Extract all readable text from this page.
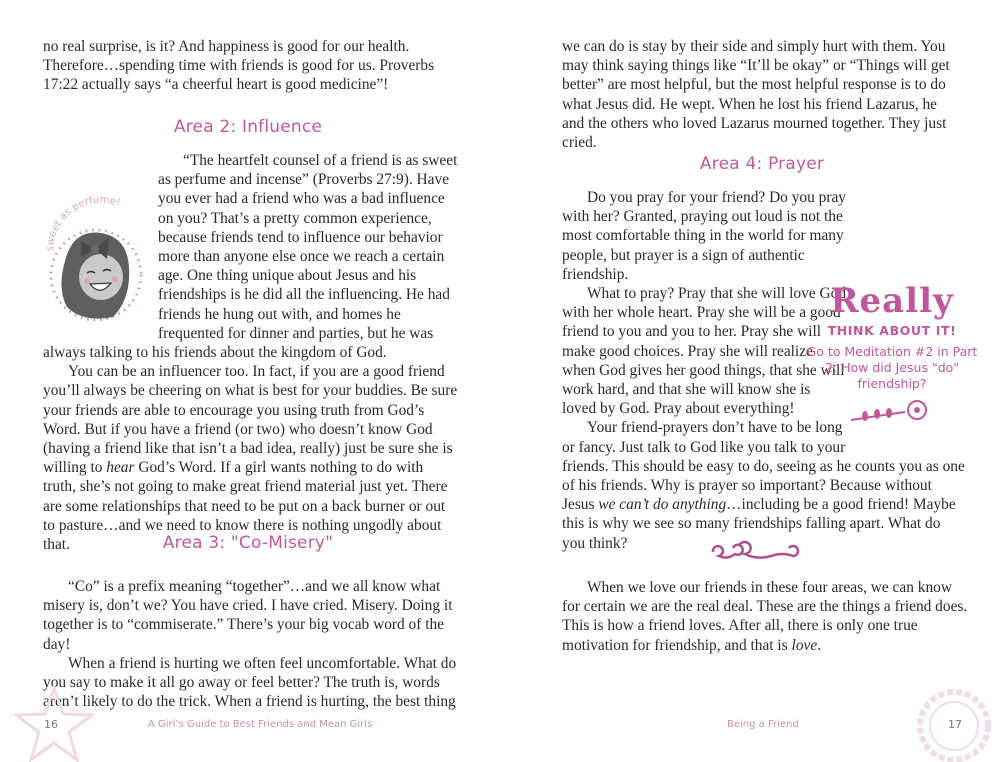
no real surprise, is it? And happiness is good for our health. Therefore…spending time with friends is good for us. Proverbs 17:22 actually says “a cheerful heart is good medicine”!

Area 2: Influence
sweet as perfume!

“The heartfelt counsel of a friend is as sweet as perfume and incense” (Proverbs 27:9). Have you ever had a friend who was a bad influence on you? That’s a pretty common experience, because friends tend to influence our behavior more than anyone else once we reach a certain age. One thing unique about Jesus and his friendships is he did all the influencing. He had friends he hung out with, and homes he frequented for dinner and parties, but he was always talking to his friends about the kingdom of God.

You can be an influencer too. In fact, if you are a good friend you’ll always be cheering on what is best for your buddies. Be sure your friends are able to encourage you using truth from God’s Word. But if you have a friend (or two) who doesn’t know God (having a friend like that isn’t a bad idea, really) just be sure she is willing to hear God’s Word. If a girl wants nothing to do with truth, she’s not going to make great friend material just yet. There are some relationships that need to be put on a back burner or out to pasture…and we need to know there is nothing ungodly about that.	Area 3: "Co-Misery"

“Co” is a prefix meaning “together”…and we all know what misery is, don’t we? You have cried. I have cried. Misery. Doing it together is to “commiserate.” There’s your big vocab word of the day!

When a friend is hurting we often feel uncomfortable. What do you say to make it all go away or feel better? The truth is, words aren’t likely to do the trick. When a friend is hurting, the best thing

16	A Girl’s Guide to Best Friends and Mean Girls

we can do is stay by their side and simply hurt with them. You may think saying things like “It’ll be okay” or “Things will get better” are most helpful, but the most helpful response is to do what Jesus did. He wept. When he lost his friend Lazarus, he and the others who loved Lazarus mourned together. They just cried.

Area 4: Prayer

Do you pray for your friend? Do you pray with her? Granted, praying out loud is not the most comfortable thing in the world for many people, but prayer is a sign of authentic friendship.

What to pray? Pray that she will love God with her whole heart. Pray she will be a good friend to you and you to her. Pray she will make good choices. Pray she will realize when God gives her good things, that she will work hard, and that she will know she is loved by God. Pray about everything!

Your friend-prayers don’t have to be long or fancy. Just talk to God like you talk to your friends. This should be easy to do, seeing as he counts you as one of his friends. Why is prayer so important? Because without Jesus we can’t do anything…including be a good friend! Maybe this is why we see so many friendships falling apart. What do you think?

When we love our friends in these four areas, we can know for certain we are the real deal. These are the things a friend does. This is how a friend loves. After all, there is only one true motivation for friendship, and that is love.

Being a Friend	17
Really
THINK ABOUT IT!
Go to Meditation #2 in Part 2: How did Jesus "do" friendship?
